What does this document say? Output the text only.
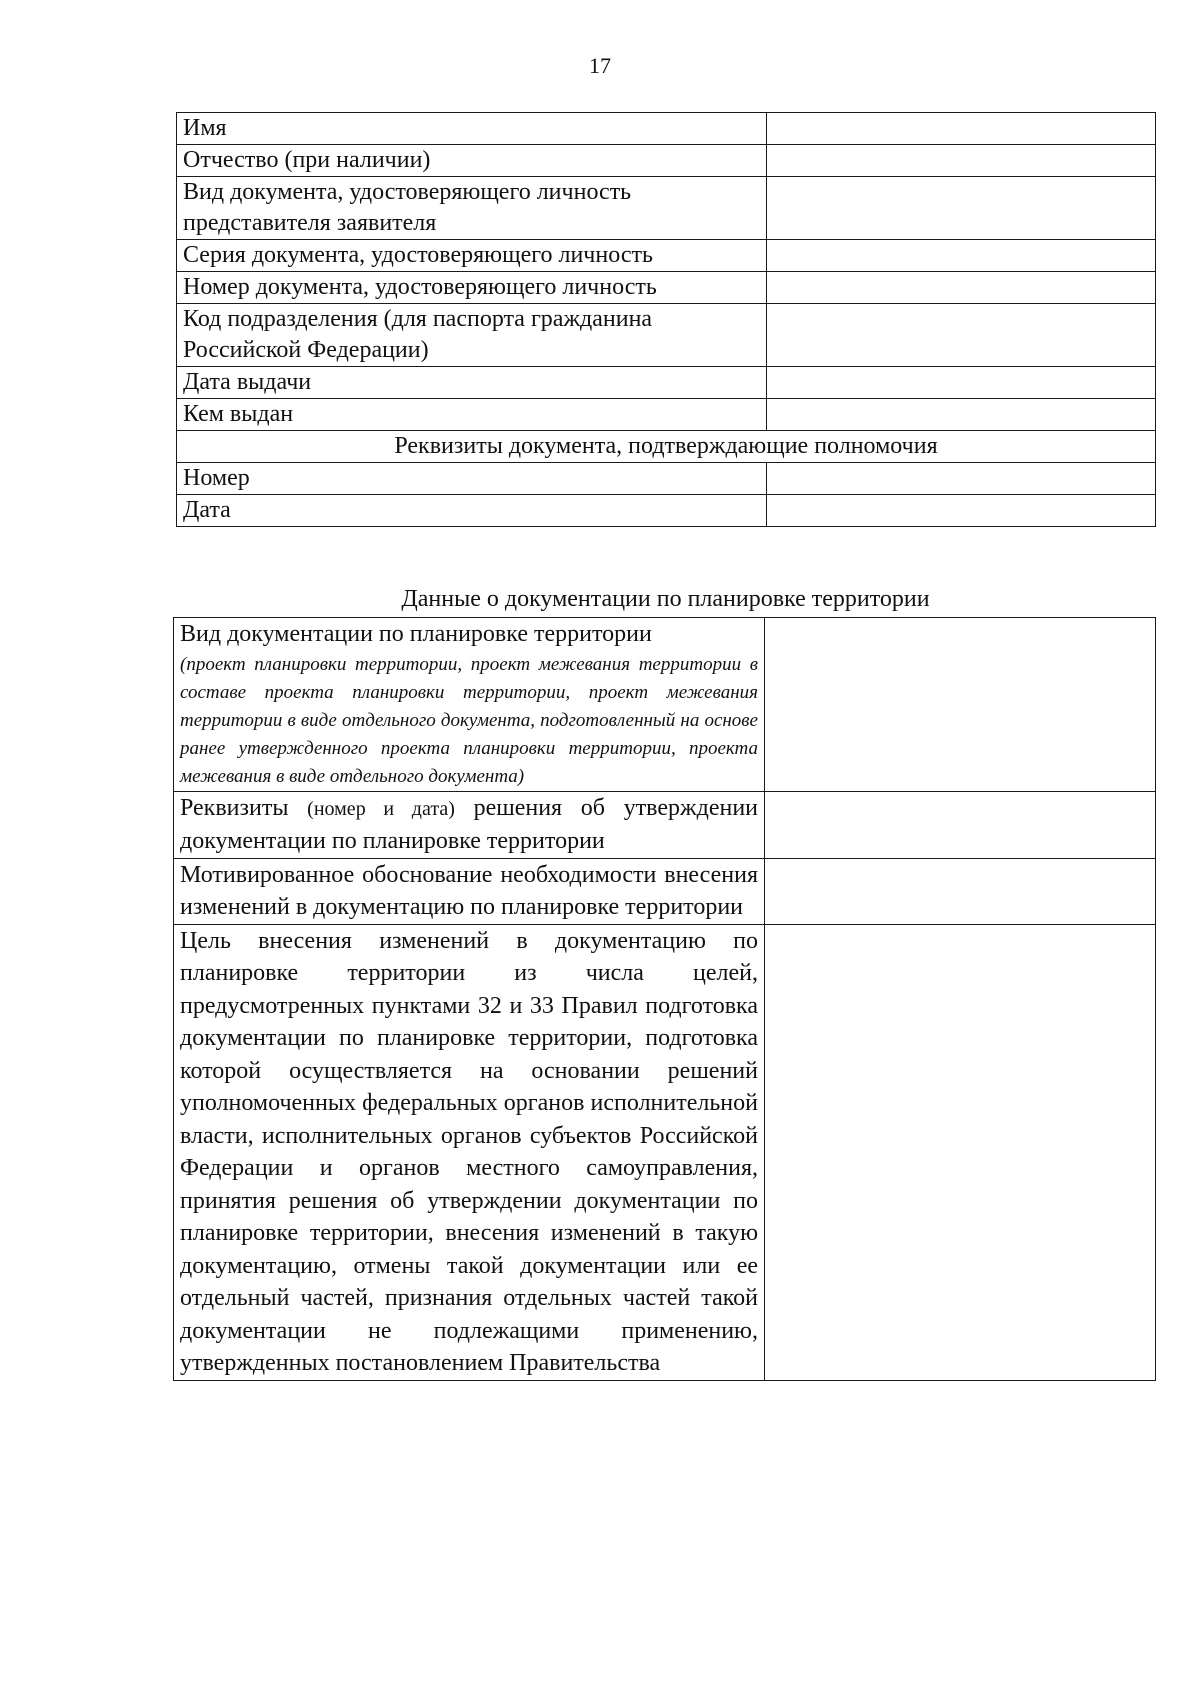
17
Имя	
Отчество (при наличии)	
Вид документа, удостоверяющего личность представителя заявителя	
Серия документа, удостоверяющего личность	
Номер документа, удостоверяющего личность	
Код подразделения (для паспорта гражданина Российской Федерации)	
Дата выдачи	
Кем выдан	
Реквизиты документа, подтверждающие полномочия	
Номер	
Дата	
Данные о документации по планировке территории
Вид документации по планировке территории
(проект планировки территории, проект межевания территории в составе проекта планировки территории, проект межевания территории в виде отдельного документа, подготовленный на основе ранее утвержденного проекта планировки территории, проекта межевания в виде отдельного документа)	

Реквизиты (номер и дата) решения об утверждении документации по планировке территории	
Мотивированное обоснование необходимости внесения изменений в документацию по планировке территории	
Цель внесения изменений в документацию по планировке территории из числа целей, предусмотренных пунктами 32 и 33 Правил подготовка документации по планировке территории, подготовка которой осуществляется на основании решений уполномоченных федеральных органов исполнительной власти, исполнительных органов субъектов Российской Федерации и органов местного самоуправления, принятия решения об утверждении документации по планировке территории, внесения изменений в такую документацию, отмены такой документации или ее отдельный частей, признания отдельных частей такой документации не подлежащими применению, утвержденных постановлением Правительства	
